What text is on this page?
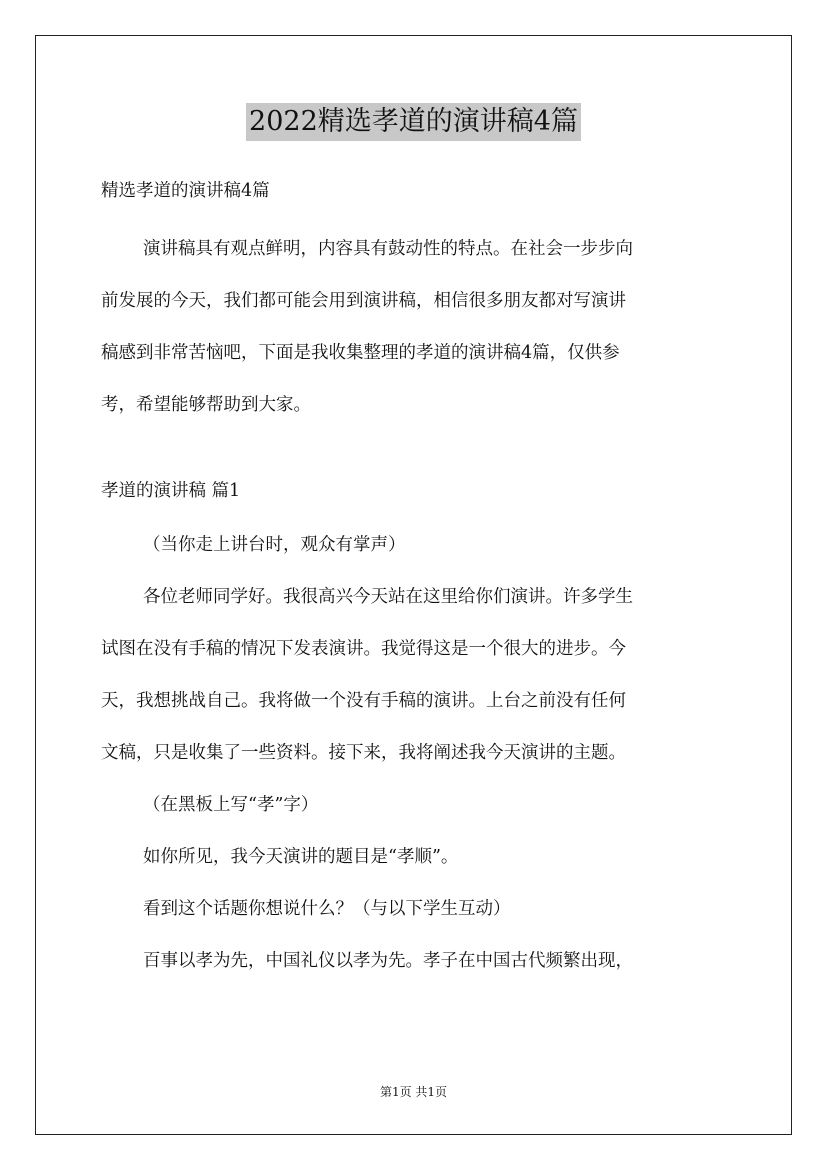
2022精选孝道的演讲稿4篇
精选孝道的演讲稿4篇
演讲稿具有观点鲜明，内容具有鼓动性的特点。在社会一步步向
前发展的今天，我们都可能会用到演讲稿，相信很多朋友都对写演讲
稿感到非常苦恼吧，下面是我收集整理的孝道的演讲稿4篇，仅供参
考，希望能够帮助到大家。
孝道的演讲稿 篇1
（当你走上讲台时，观众有掌声）
各位老师同学好。我很高兴今天站在这里给你们演讲。许多学生
试图在没有手稿的情况下发表演讲。我觉得这是一个很大的进步。今
天，我想挑战自己。我将做一个没有手稿的演讲。上台之前没有任何
文稿，只是收集了一些资料。接下来，我将阐述我今天演讲的主题。
（在黑板上写“孝”字）
如你所见，我今天演讲的题目是“孝顺”。
看到这个话题你想说什么？（与以下学生互动）
百事以孝为先，中国礼仪以孝为先。孝子在中国古代频繁出现，
第1页 共1页
